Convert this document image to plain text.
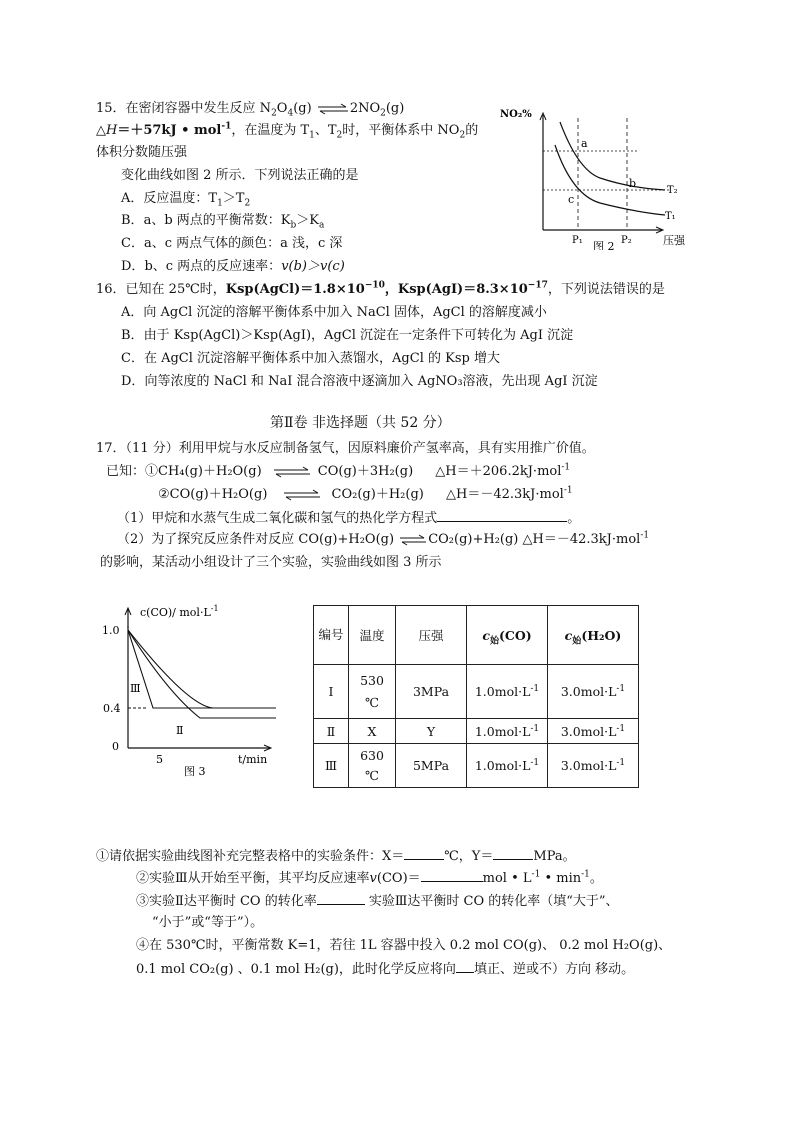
15．在密闭容器中发生反应 $N_2O_4(g)$ $\rightleftharpoons 2NO_2(g)$
△H＝＋57kJ • mol$^{-1}$，在温度为 $T_1$、$T_2$时，平衡体系中 $NO_2$的
体积分数随压强
变化曲线如图 2 所示．下列说法正确的是
A．反应温度：$T_1>T_2$
B．a、b 两点的平衡常数：$K_b>K_a$
C．a、c 两点气体的颜色：a 浅，c 深
D．b、c 两点的反应速率：v(b)＞v(c)
NO₂%
a
b
c
T₂
T₁
P₁	P₂	压强
图 2
16．已知在 25℃时，$Ksp(AgCl)=1.8\times 10^{-10}$，$Ksp(AgI)=8.3\times 10^{-17}$，下列说法错误的是
A．向 AgCl 沉淀的溶解平衡体系中加入 NaCl 固体，AgCl 的溶解度减小
B．由于 Ksp(AgCl)＞Ksp(AgI)，AgCl 沉淀在一定条件下可转化为 AgI 沉淀
C．在 AgCl 沉淀溶解平衡体系中加入蒸馏水，AgCl 的 Ksp 增大
D．向等浓度的 NaCl 和 NaI 混合溶液中逐滴加入 AgNO₃溶液，先出现 AgI 沉淀
第Ⅱ卷 非选择题（共 52 分）
17．（11 分）利用甲烷与水反应制备氢气，因原料廉价产氢率高，具有实用推广价值。
已知：①CH₄(g)＋H₂O(g) ⇌ CO(g)＋3H₂(g) △H＝＋206.2kJ·mol$^{-1}$
②CO(g)＋H₂O(g) ⇌ CO₂(g)＋H₂(g) △H＝－42.3kJ·mol$^{-1}$
（1）甲烷和水蒸气生成二氧化碳和氢气的热化学方程式	。
（2）为了探究反应条件对反应 CO(g)+H₂O(g) ⇌CO₂(g)+H₂(g) △H＝－42.3kJ·mol$^{-1}$
的影响，某活动小组设计了三个实验，实验曲线如图 3 所示
c(CO)/ $mol\cdot L^{-1}$
1.0
0.4
0
5	t/min
Ⅲ
Ⅱ
图 3
编号	温度	压强	$c_始(CO)$	$c_始(H_2O)$
Ⅰ	530 ℃	3MPa	$1.0mol\cdot L^{-1}$	$3.0mol\cdot L^{-1}$
Ⅱ	X	Y	$1.0mol\cdot L^{-1}$	$3.0mol\cdot L^{-1}$
Ⅲ	630 ℃	5MPa	$1.0mol\cdot L^{-1}$	$3.0mol\cdot L^{-1}$
①请依据实验曲线图补充完整表格中的实验条件：X＝	℃，Y＝	MPa。
②实验Ⅲ从开始至平衡，其平均反应速率v(CO)＝	mol • $L^{-1}$ • $\min^{-1}$。
③实验Ⅱ达平衡时 CO 的转化率	实验Ⅲ达平衡时 CO 的转化率（填“大于”、
“小于”或“等于”）。
④在 530℃时，平衡常数 K=1，若往 1L 容器中投入 0.2 mol CO(g)、 0.2 mol H₂O(g)、
0.1 mol CO₂(g) 、0.1 mol H₂(g)，此时化学反应将向 填正、逆或不）方向 移动。
